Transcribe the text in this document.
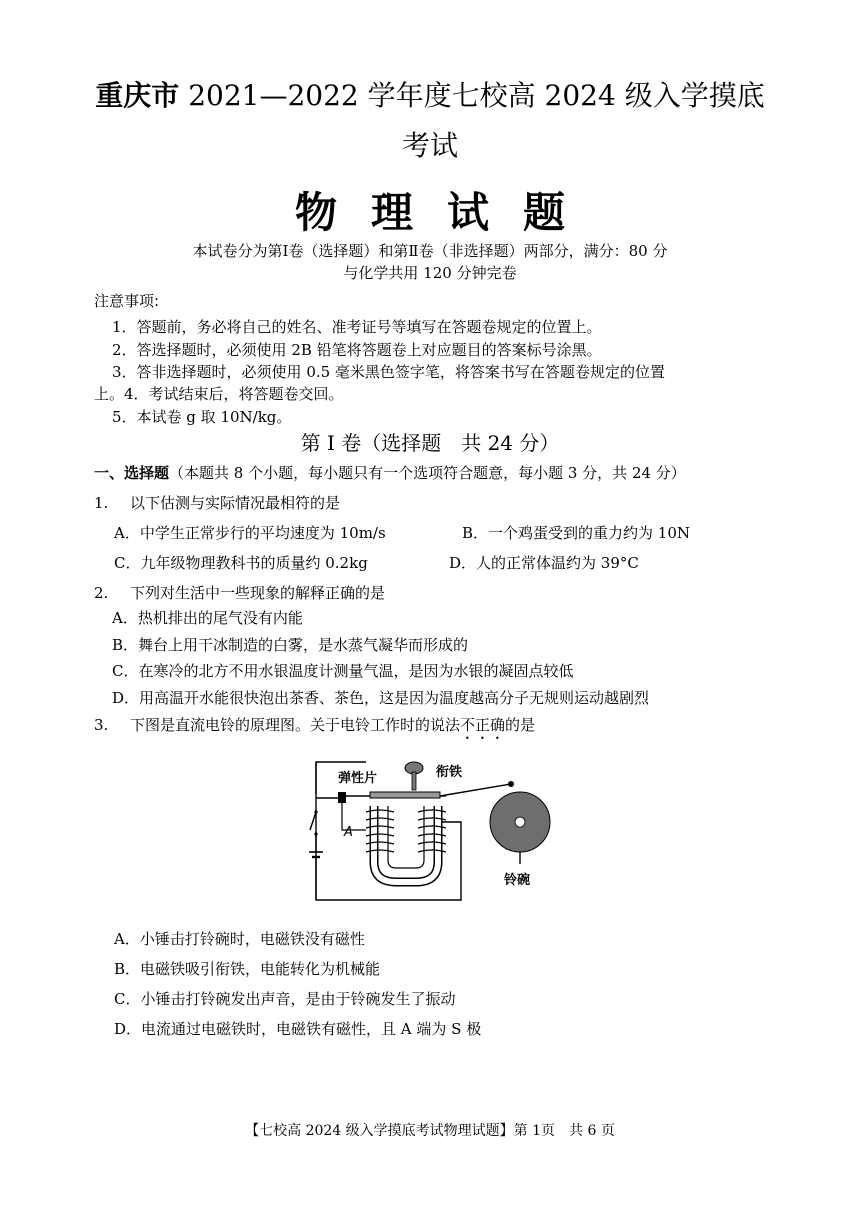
重庆市 2021—2022 学年度七校高 2024 级入学摸底
考试
物理试题
本试卷分为第Ⅰ卷（选择题）和第Ⅱ卷（非选择题）两部分，满分：80 分
与化学共用 120 分钟完卷
注意事项:
1．答题前，务必将自己的姓名、准考证号等填写在答题卷规定的位置上。
2．答选择题时，必须使用 2B 铅笔将答题卷上对应题目的答案标号涂黑。
3．答非选择题时，必须使用 0.5 毫米黑色签字笔，将答案书写在答题卷规定的位置
上。4．考试结束后，将答题卷交回。
5．本试卷 g 取 10N/kg。
第 Ⅰ 卷（选择题　共 24 分）
一、选择题（本题共 8 个小题，每小题只有一个选项符合题意，每小题 3 分，共 24 分）
1. 以下估测与实际情况最相符的是
A．中学生正常步行的平均速度为 10m/s	B．一个鸡蛋受到的重力约为 10N
C．九年级物理教科书的质量约 0.2kg	D．人的正常体温约为 39°C
2. 下列对生活中一些现象的解释正确的是
A．热机排出的尾气没有内能
B．舞台上用干冰制造的白雾，是水蒸气凝华而形成的
C．在寒冷的北方不用水银温度计测量气温，是因为水银的凝固点较低
D．用高温开水能很快泡出茶香、茶色，这是因为温度越高分子无规则运动越剧烈
3. 下图是直流电铃的原理图。关于电铃工作时的说法不正确的是
弹性片	衔铁
A
铃碗
A．小锤击打铃碗时，电磁铁没有磁性
B．电磁铁吸引衔铁，电能转化为机械能
C．小锤击打铃碗发出声音，是由于铃碗发生了振动
D．电流通过电磁铁时，电磁铁有磁性，且 A 端为 S 极
【七校高 2024 级入学摸底考试物理试题】第 1页　共 6 页
